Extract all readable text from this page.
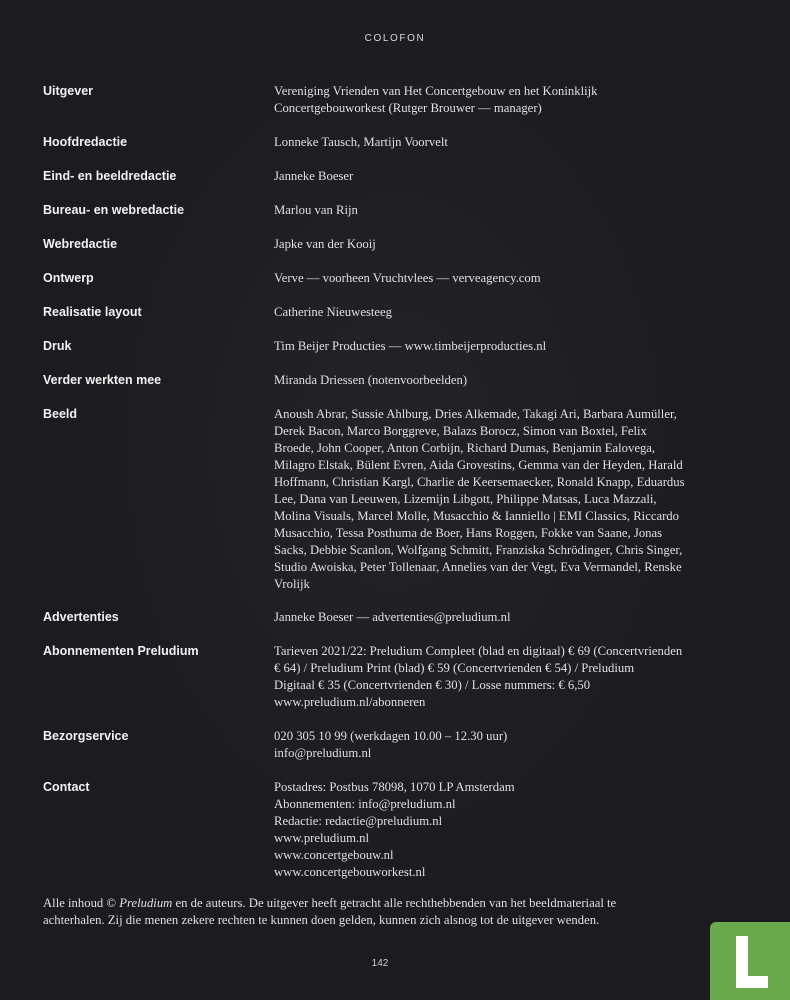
COLOFON
Uitgever	Vereniging Vrienden van Het Concertgebouw en het Koninklijk
Concertgebouworkest (Rutger Brouwer — manager)
Hoofdredactie	Lonneke Tausch, Martijn Voorvelt
Eind- en beeldredactie	Janneke Boeser
Bureau- en webredactie	Marlou van Rijn
Webredactie	Japke van der Kooij
Ontwerp	Verve — voorheen Vruchtvlees — verveagency.com
Realisatie layout	Catherine Nieuwesteeg
Druk	Tim Beijer Producties — www.timbeijerproducties.nl
Verder werkten mee	Miranda Driessen (notenvoorbeelden)
Beeld	Anoush Abrar, Sussie Ahlburg, Dries Alkemade, Takagi Ari, Barbara Aumüller,
Derek Bacon, Marco Borggreve, Balazs Borocz, Simon van Boxtel, Felix
Broede, John Cooper, Anton Corbijn, Richard Dumas, Benjamin Ealovega,
Milagro Elstak, Bülent Evren, Aida Grovestins, Gemma van der Heyden, Harald
Hoffmann, Christian Kargl, Charlie de Keersemaecker, Ronald Knapp, Eduardus
Lee, Dana van Leeuwen, Lizemijn Libgott, Philippe Matsas, Luca Mazzali,
Molina Visuals, Marcel Molle, Musacchio & Ianniello | EMI Classics, Riccardo
Musacchio, Tessa Posthuma de Boer, Hans Roggen, Fokke van Saane, Jonas
Sacks, Debbie Scanlon, Wolfgang Schmitt, Franziska Schrödinger, Chris Singer,
Studio Awoiska, Peter Tollenaar, Annelies van der Vegt, Eva Vermandel, Renske
Vrolijk
Advertenties	Janneke Boeser — advertenties@preludium.nl
Abonnementen Preludium	Tarieven 2021/22: Preludium Compleet (blad en digitaal) € 69 (Concertvrienden
€ 64) / Preludium Print (blad) € 59 (Concertvrienden € 54) / Preludium
Digitaal € 35 (Concertvrienden € 30) / Losse nummers: € 6,50
www.preludium.nl/abonneren
Bezorgservice	020 305 10 99 (werkdagen 10.00 – 12.30 uur)
info@preludium.nl
Contact	Postadres: Postbus 78098, 1070 LP Amsterdam
Abonnementen: info@preludium.nl
Redactie: redactie@preludium.nl
www.preludium.nl
www.concertgebouw.nl
www.concertgebouworkest.nl
Alle inhoud © Preludium en de auteurs. De uitgever heeft getracht alle rechthebbenden van het beeldmateriaal te
achterhalen. Zij die menen zekere rechten te kunnen doen gelden, kunnen zich alsnog tot de uitgever wenden.
142
